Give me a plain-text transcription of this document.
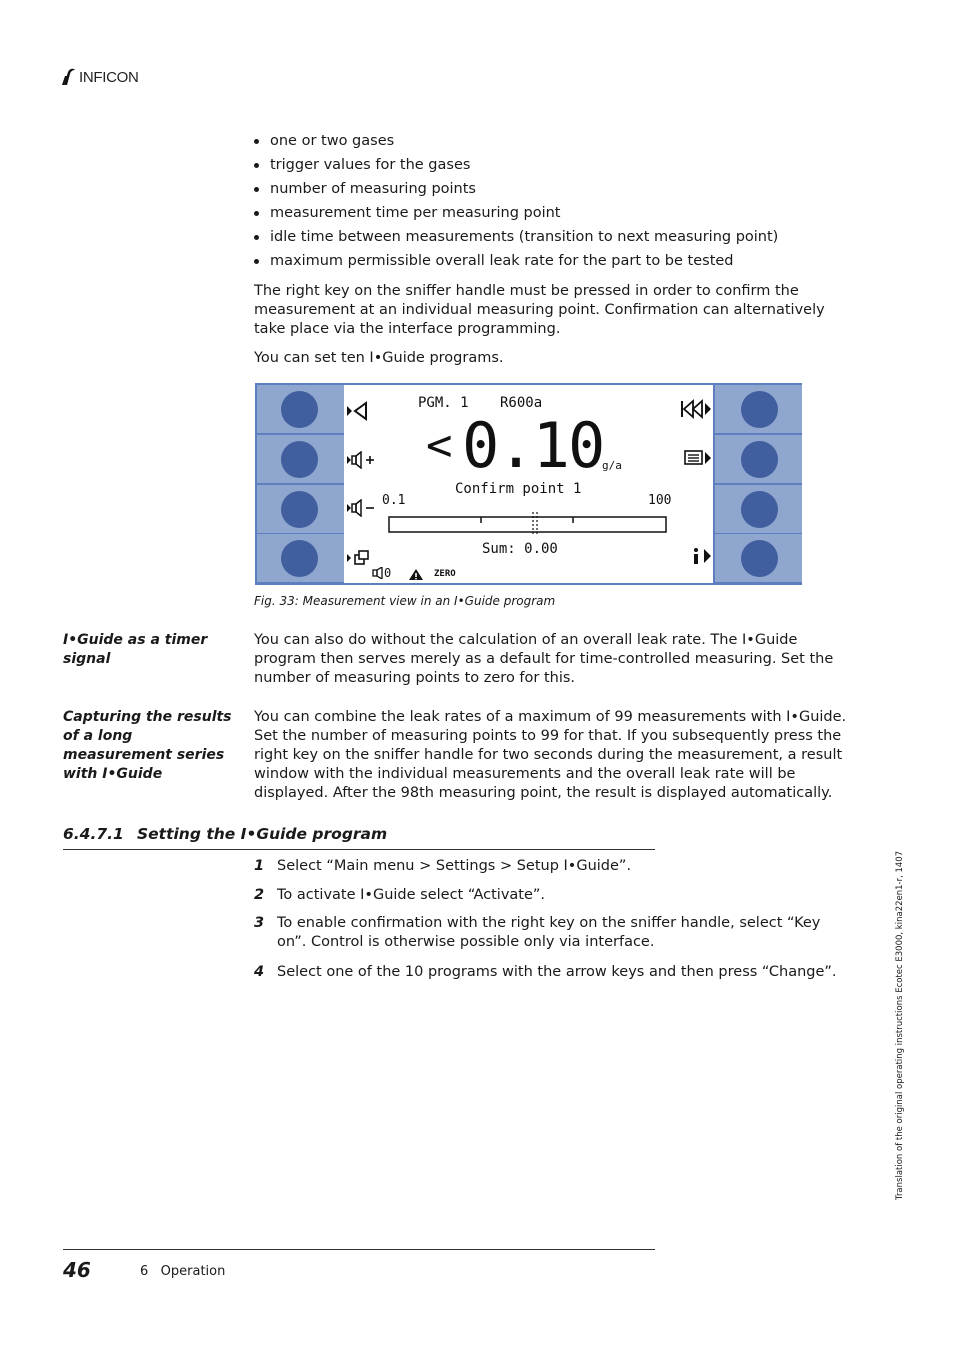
INFICON
one or two gases
trigger values for the gases
number of measuring points
measurement time per measuring point
idle time between measurements (transition to next measuring point)
maximum permissible overall leak rate for the part to be tested
The right key on the sniffer handle must be pressed in order to confirm the measurement at an individual measuring point. Confirmation can alternatively take place via the interface programming.
You can set ten I•Guide programs.
PGM. 1 R600a
< 0.10
g/a
Confirm point 1
0.1	100
Sum: 0.00
0	ZERO
Fig. 33: Measurement view in an I•Guide program
I•Guide as a timer signal
You can also do without the calculation of an overall leak rate. The I•Guide program then serves merely as a default for time-controlled measuring. Set the number of measuring points to zero for this.
Capturing the results of a long measurement series with I•Guide
You can combine the leak rates of a maximum of 99 measurements with I•Guide. Set the number of measuring points to 99 for that. If you subsequently press the right key on the sniffer handle for two seconds during the measurement, a result window with the individual measurements and the overall leak rate will be displayed. After the 98th measuring point, the result is displayed automatically.
6.4.7.1 Setting the I•Guide program
1 Select “Main menu > Settings > Setup I•Guide”.
2 To activate I•Guide select “Activate”.
3 To enable confirmation with the right key on the sniffer handle, select “Key on”. Control is otherwise possible only via interface.
4 Select one of the 10 programs with the arrow keys and then press “Change”.	Translation of the original operating instructions Ecotec E3000, kina22en1-r, 1407
46	6   Operation
